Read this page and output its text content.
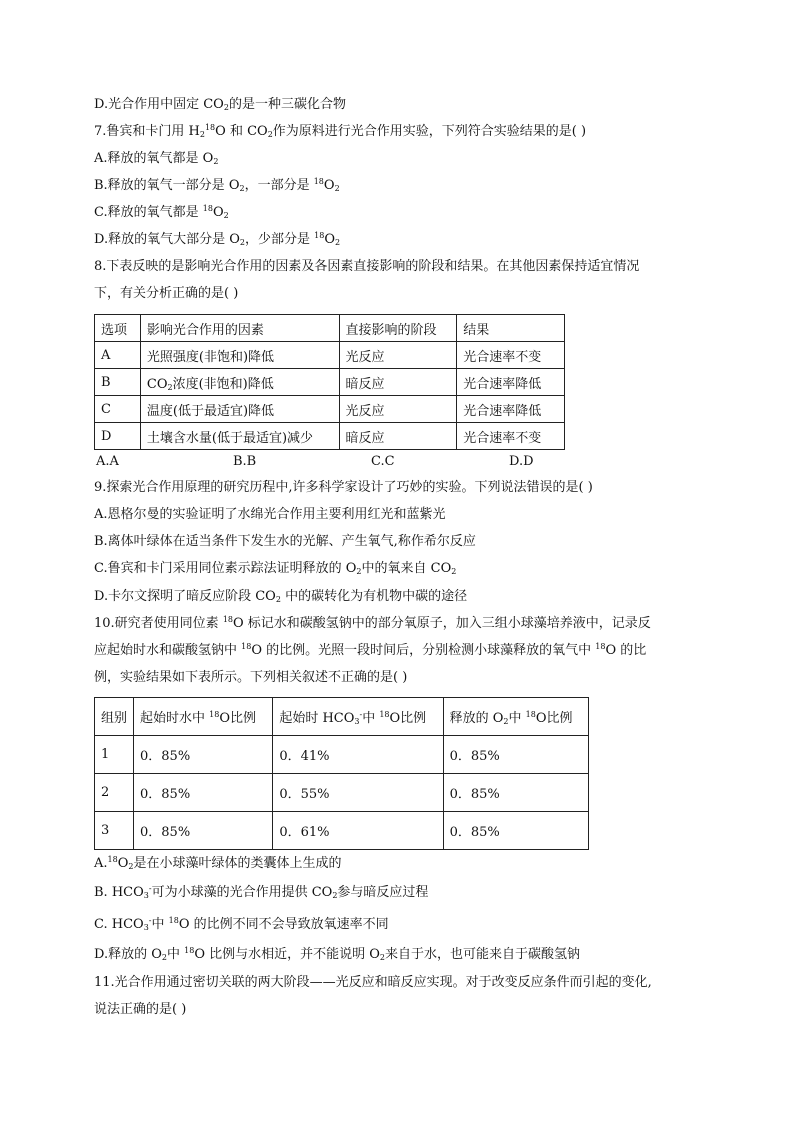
D.光合作用中固定 $CO_2$的是一种三碳化合物
7.鲁宾和卡门用 $H_2^{18}O$ 和 $CO_2$作为原料进行光合作用实验，下列符合实验结果的是( )
A.释放的氧气都是 $O_2$
B.释放的氧气一部分是 $O_2$，一部分是 $^{18}O_2$
C.释放的氧气都是 $^{18}O_2$
D.释放的氧气大部分是 $O_2$，少部分是 $^{18}O_2$
8.下表反映的是影响光合作用的因素及各因素直接影响的阶段和结果。在其他因素保持适宜情况
下，有关分析正确的是( )
选项	影响光合作用的因素	直接影响的阶段	结果
A	光照强度(非饱和)降低	光反应	光合速率不变
B	$CO_2$浓度(非饱和)降低	暗反应	光合速率降低
C	温度(低于最适宜)降低	光反应	光合速率降低
D	土壤含水量(低于最适宜)减少	暗反应	光合速率不变
A.A	B.B	C.C	D.D
9.探索光合作用原理的研究历程中,许多科学家设计了巧妙的实验。下列说法错误的是( )
A.恩格尔曼的实验证明了水绵光合作用主要利用红光和蓝紫光
B.离体叶绿体在适当条件下发生水的光解、产生氧气,称作希尔反应
C.鲁宾和卡门采用同位素示踪法证明释放的 $O_2$中的氧来自 $CO_2$
D.卡尔文探明了暗反应阶段 $CO_2$ 中的碳转化为有机物中碳的途径
10.研究者使用同位素 $^{18}$O 标记水和碳酸氢钠中的部分氧原子，加入三组小球藻培养液中，记录反
应起始时水和碳酸氢钠中 $^{18}$O 的比例。光照一段时间后，分别检测小球藻释放的氧气中 $^{18}$O 的比
例，实验结果如下表所示。下列相关叙述不正确的是( )
组别	起始时水中 $^{18}$O比例	起始时 $HCO_3^-$中 $^{18}$O比例	释放的 $O_2$中 $^{18}$O比例
1	0．85%	0．41%	0．85%
2	0．85%	0．55%	0．85%
3	0．85%	0．61%	0．85%
$A.^{18}O_2$是在小球藻叶绿体的类囊体上生成的
B. $HCO_3^-$可为小球藻的光合作用提供 $CO_2$参与暗反应过程
C. $HCO_3^-$中 $^{18}$O 的比例不同不会导致放氧速率不同
D.释放的 $O_2$中 $^{18}$O 比例与水相近，并不能说明 $O_2$来自于水，也可能来自于碳酸氢钠
11.光合作用通过密切关联的两大阶段——光反应和暗反应实现。对于改变反应条件而引起的变化,
说法正确的是( )
